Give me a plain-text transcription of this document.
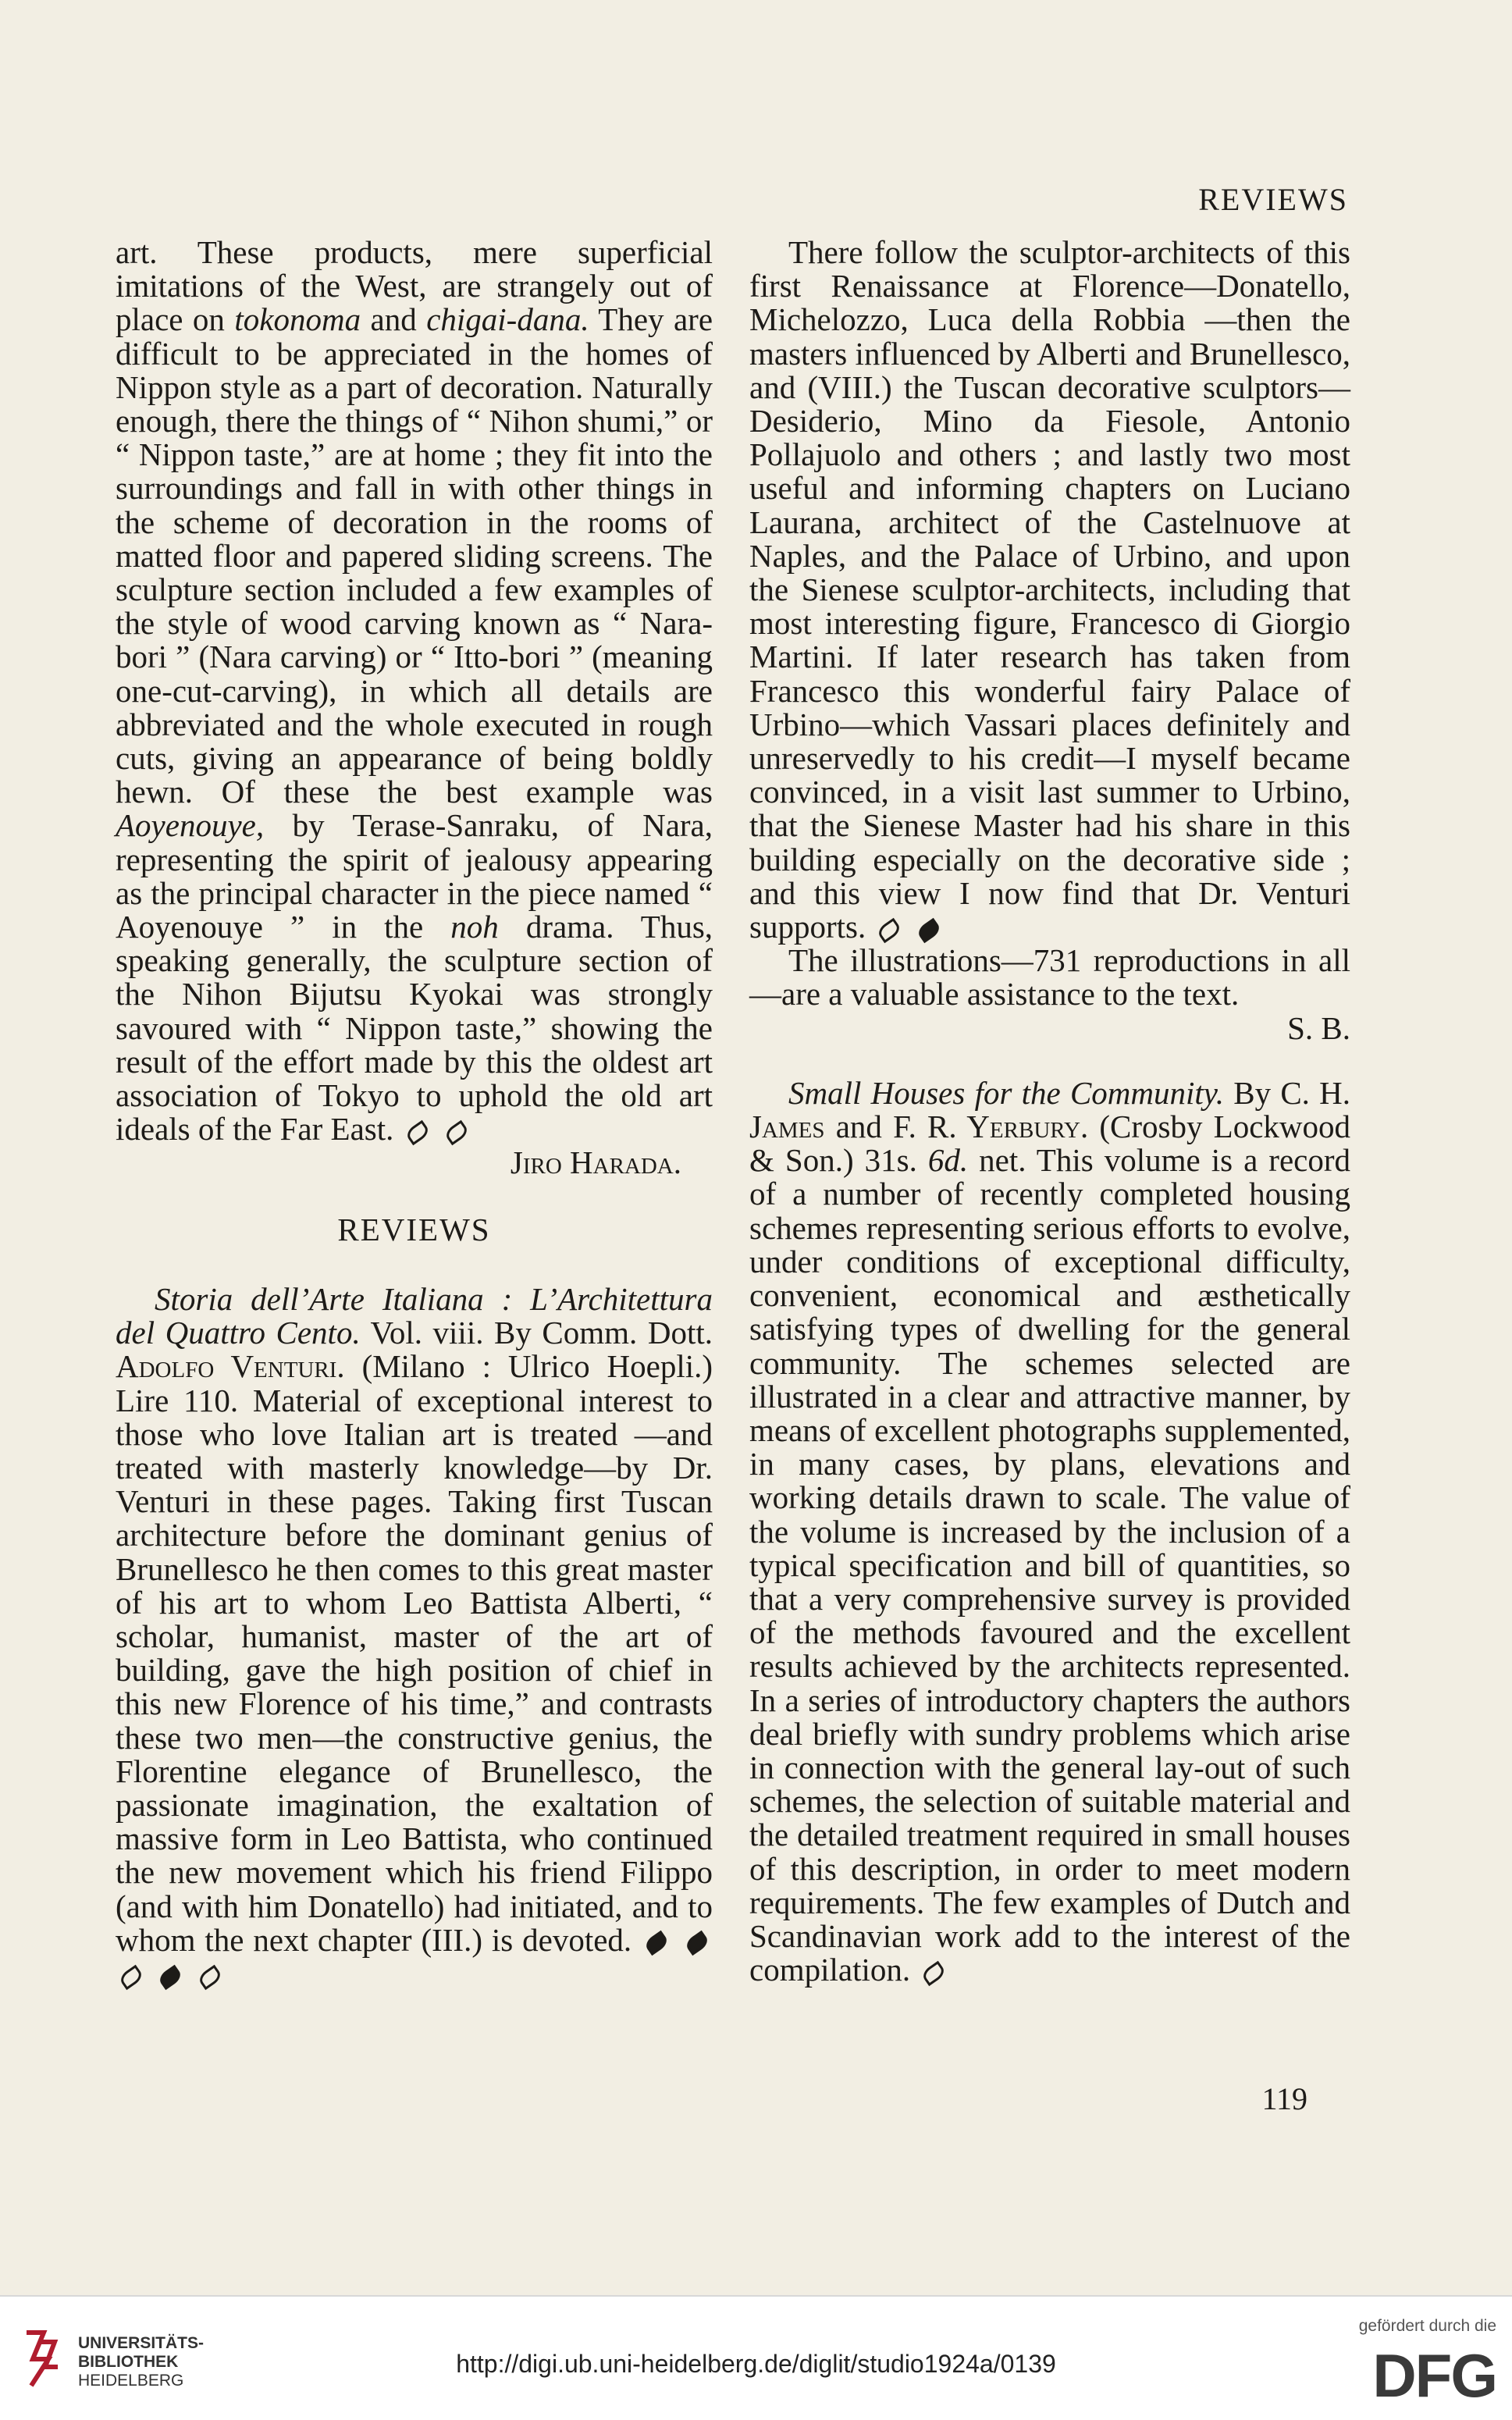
REVIEWS

art. These products, mere superficial imitations of the West, are strangely out of place on tokonoma and chigai-dana. They are difficult to be appreciated in the homes of Nippon style as a part of decoration. Naturally enough, there the things of “ Nihon shumi,” or “ Nippon taste,” are at home ; they fit into the surroundings and fall in with other things in the scheme of decoration in the rooms of matted floor and papered sliding screens. The sculpture section included a few examples of the style of wood carving known as “ Nara-bori ” (Nara carving) or “ Itto-bori ” (meaning one-cut-carving), in which all details are abbreviated and the whole executed in rough cuts, giving an appearance of being boldly hewn. Of these the best example was Aoyenouye, by Terase-Sanraku, of Nara, representing the spirit of jealousy appearing as the principal character in the piece named “ Aoyenouye ” in the noh drama. Thus, speaking generally, the sculpture section of the Nihon Bijutsu Kyokai was strongly savoured with “ Nippon taste,” showing the result of the effort made by this the oldest art association of Tokyo to uphold the old art ideals of the Far East.

Jiro Harada.

REVIEWS

Storia dell’Arte Italiana : L’Architettura del Quattro Cento. Vol. viii. By Comm. Dott. Adolfo Venturi. (Milano : Ulrico Hoepli.) Lire 110. Material of exceptional interest to those who love Italian art is treated —and treated with masterly knowledge—by Dr. Venturi in these pages. Taking first Tuscan architecture before the dominant genius of Brunellesco he then comes to this great master of his art to whom Leo Battista Alberti, “ scholar, humanist, master of the art of building, gave the high position of chief in this new Florence of his time,” and contrasts these two men—the constructive genius, the Florentine elegance of Brunellesco, the passionate imagination, the exaltation of massive form in Leo Battista, who continued the new movement which his friend Filippo (and with him Donatello) had initiated, and to whom the next chapter (III.) is devoted.

There follow the sculptor-architects of this first Renaissance at Florence—Donatello, Michelozzo, Luca della Robbia —then the masters influenced by Alberti and Brunellesco, and (VIII.) the Tuscan decorative sculptors—Desiderio, Mino da Fiesole, Antonio Pollajuolo and others ; and lastly two most useful and informing chapters on Luciano Laurana, architect of the Castelnuove at Naples, and the Palace of Urbino, and upon the Sienese sculptor-architects, including that most interesting figure, Francesco di Giorgio Martini. If later research has taken from Francesco this wonderful fairy Palace of Urbino—which Vassari places definitely and unreservedly to his credit—I myself became convinced, in a visit last summer to Urbino, that the Sienese Master had his share in this building especially on the decorative side ; and this view I now find that Dr. Venturi supports.

The illustrations—731 reproductions in all—are a valuable assistance to the text.

S. B.

Small Houses for the Community. By C. H. James and F. R. Yerbury. (Crosby Lockwood & Son.) 31s. 6d. net. This volume is a record of a number of recently completed housing schemes representing serious efforts to evolve, under conditions of exceptional difficulty, convenient, economical and æsthetically satisfying types of dwelling for the general community. The schemes selected are illustrated in a clear and attractive manner, by means of excellent photographs supplemented, in many cases, by plans, elevations and working details drawn to scale. The value of the volume is increased by the inclusion of a typical specification and bill of quantities, so that a very comprehensive survey is provided of the methods favoured and the excellent results achieved by the architects represented. In a series of introductory chapters the authors deal briefly with sundry problems which arise in connection with the general lay-out of such schemes, the selection of suitable material and the detailed treatment required in small houses of this description, in order to meet modern requirements. The few examples of Dutch and Scandinavian work add to the interest of the compilation.

119
UNIVERSITÄTS-
BIBLIOTHEK
HEIDELBERG
http://digi.ub.uni-heidelberg.de/diglit/studio1924a/0139
gefördert durch die
DFG
